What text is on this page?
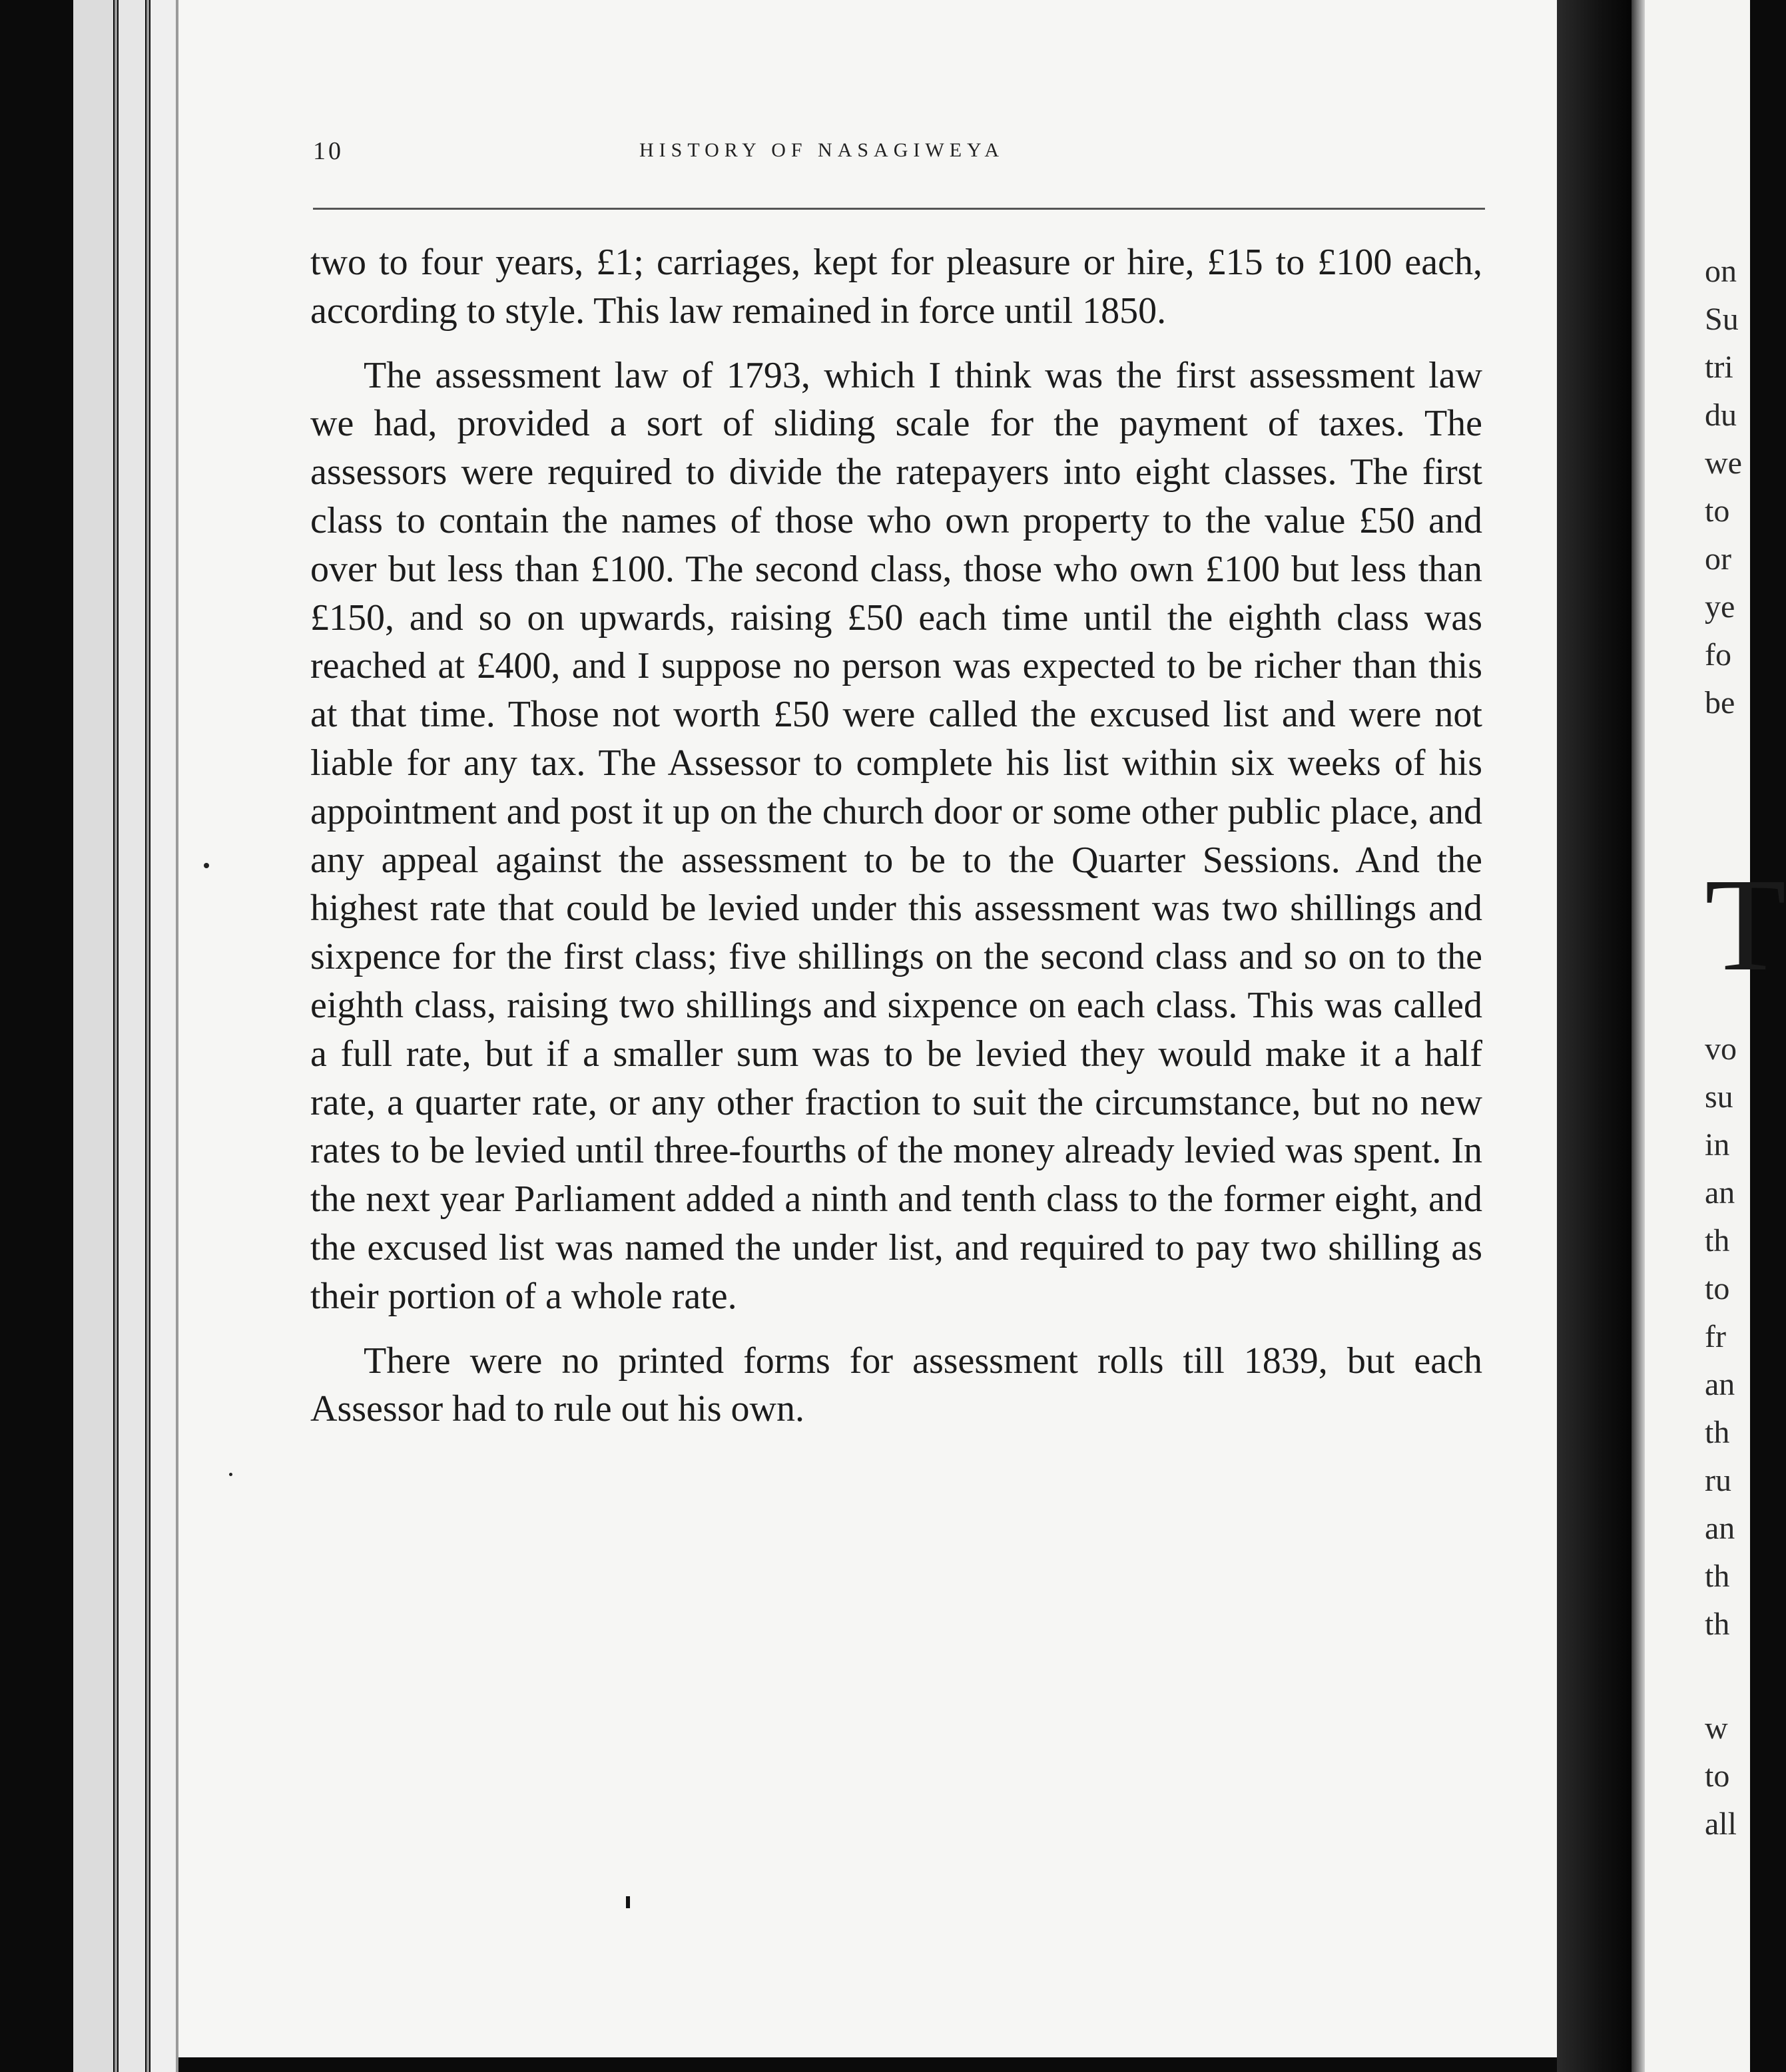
10	HISTORY OF NASAGIWEYA

two to four years, £1; carriages, kept for pleasure or hire, £15 to £100 each, according to style. This law remained in force until 1850.

The assessment law of 1793, which I think was the first assessment law we had, provided a sort of sliding scale for the payment of taxes. The assessors were required to divide the ratepayers into eight classes. The first class to contain the names of those who own property to the value £50 and over but less than £100. The second class, those who own £100 but less than £150, and so on upwards, raising £50 each time until the eighth class was reached at £400, and I suppose no person was expected to be richer than this at that time. Those not worth £50 were called the excused list and were not liable for any tax. The Assessor to complete his list within six weeks of his appointment and post it up on the church door or some other public place, and any appeal against the assessment to be to the Quarter Sessions. And the highest rate that could be levied under this assessment was two shillings and sixpence for the first class; five shillings on the second class and so on to the eighth class, raising two shillings and sixpence on each class. This was called a full rate, but if a smaller sum was to be levied they would make it a half rate, a quarter rate, or any other fraction to suit the circumstance, but no new rates to be levied until three-fourths of the money already levied was spent. In the next year Parliament added a ninth and tenth class to the former eight, and the excused list was named the under list, and required to pay two shilling as their portion of a whole rate.

There were no printed forms for assessment rolls till 1839, but each Assessor had to rule out his own.

on
Su
tri
du
we
to
or
ye
fo
be
T
vo
su
in
an
th
to
fr
an
th
ru
an
th
th
w
to
all
